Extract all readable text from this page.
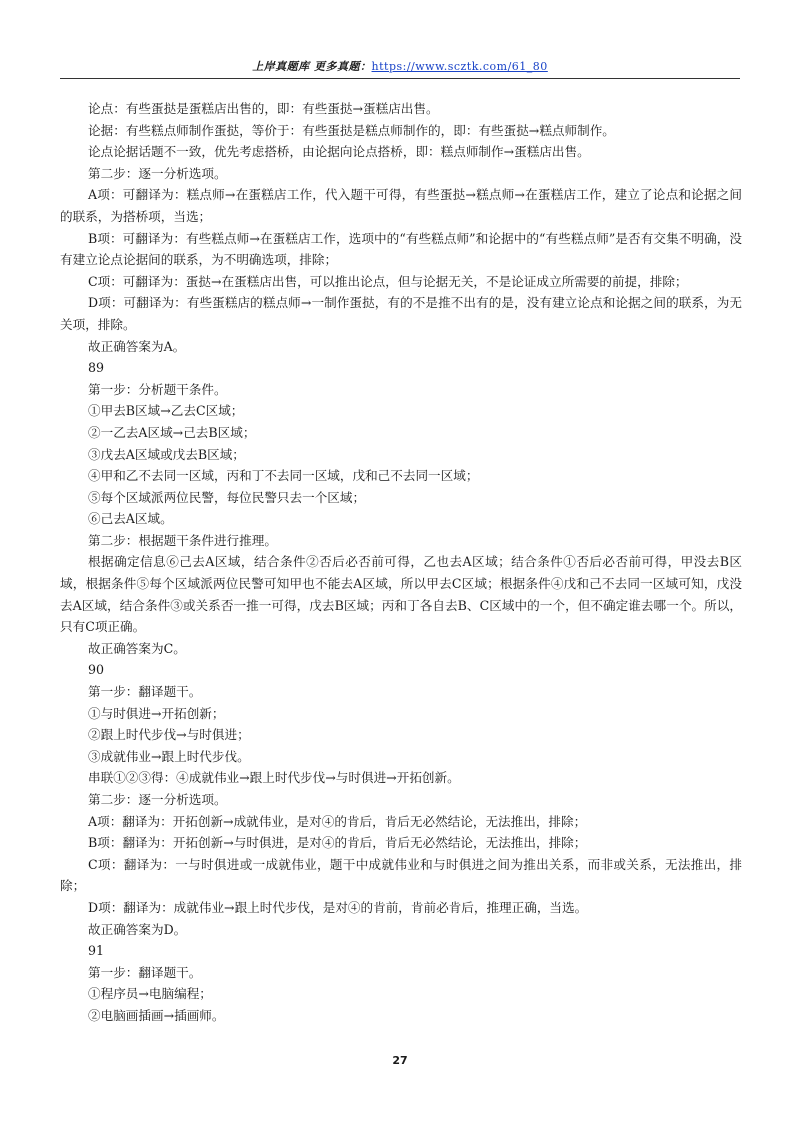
上岸真题库 更多真题：https://www.scztk.com/61_80

论点：有些蛋挞是蛋糕店出售的，即：有些蛋挞→蛋糕店出售。

论据：有些糕点师制作蛋挞，等价于：有些蛋挞是糕点师制作的，即：有些蛋挞→糕点师制作。

论点论据话题不一致，优先考虑搭桥，由论据向论点搭桥，即：糕点师制作→蛋糕店出售。

第二步：逐一分析选项。

A项：可翻译为：糕点师→在蛋糕店工作，代入题干可得，有些蛋挞→糕点师→在蛋糕店工作，建立了论点和论据之间的联系，为搭桥项，当选；

B项：可翻译为：有些糕点师→在蛋糕店工作，选项中的“有些糕点师”和论据中的“有些糕点师”是否有交集不明确，没有建立论点论据间的联系，为不明确选项，排除；

C项：可翻译为：蛋挞→在蛋糕店出售，可以推出论点，但与论据无关，不是论证成立所需要的前提，排除；

D项：可翻译为：有些蛋糕店的糕点师→一制作蛋挞，有的不是推不出有的是，没有建立论点和论据之间的联系，为无关项，排除。

故正确答案为A。

89

第一步：分析题干条件。

①甲去B区域→乙去C区域；

②一乙去A区域→己去B区域；

③戊去A区域或戊去B区域；

④甲和乙不去同一区域，丙和丁不去同一区域，戊和己不去同一区域；

⑤每个区域派两位民警，每位民警只去一个区域；

⑥己去A区域。

第二步：根据题干条件进行推理。

根据确定信息⑥己去A区域，结合条件②否后必否前可得，乙也去A区域；结合条件①否后必否前可得，甲没去B区域，根据条件⑤每个区域派两位民警可知甲也不能去A区域，所以甲去C区域；根据条件④戊和己不去同一区域可知，戊没去A区域，结合条件③或关系否一推一可得，戊去B区域；丙和丁各自去B、C区域中的一个，但不确定谁去哪一个。所以，只有C项正确。

故正确答案为C。

90

第一步：翻译题干。

①与时俱进→开拓创新；

②跟上时代步伐→与时俱进；

③成就伟业→跟上时代步伐。

串联①②③得：④成就伟业→跟上时代步伐→与时俱进→开拓创新。

第二步：逐一分析选项。

A项：翻译为：开拓创新→成就伟业，是对④的肯后，肯后无必然结论，无法推出，排除；

B项：翻译为：开拓创新→与时俱进，是对④的肯后，肯后无必然结论，无法推出，排除；

C项：翻译为：一与时俱进或一成就伟业，题干中成就伟业和与时俱进之间为推出关系，而非或关系，无法推出，排除；

D项：翻译为：成就伟业→跟上时代步伐，是对④的肯前，肯前必肯后，推理正确，当选。

故正确答案为D。

91

第一步：翻译题干。

①程序员→电脑编程；

②电脑画插画→插画师。

27
